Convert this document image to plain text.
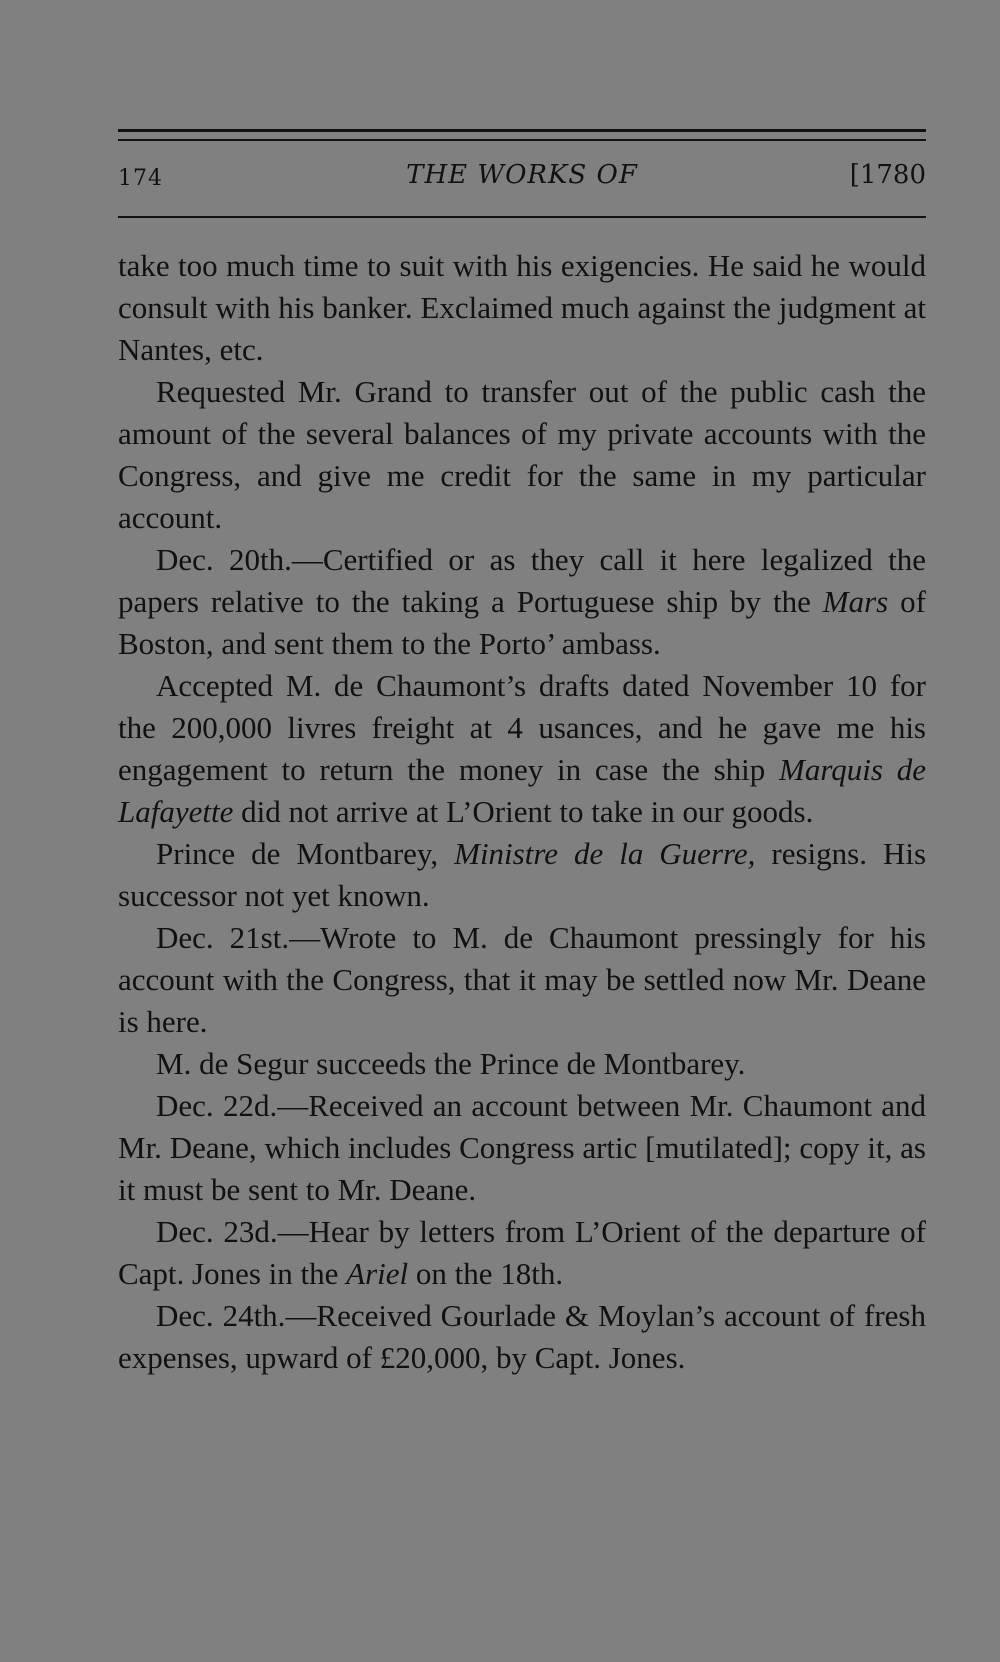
174	THE WORKS OF	[1780

take too much time to suit with his exigencies. He said he would consult with his banker. Exclaimed much against the judgment at Nantes, etc.

Requested Mr. Grand to transfer out of the public cash the amount of the several balances of my private accounts with the Congress, and give me credit for the same in my particular account.

Dec. 20th.—Certified or as they call it here legalized the papers relative to the taking a Portuguese ship by the Mars of Boston, and sent them to the Porto’ ambass.

Accepted M. de Chaumont’s drafts dated November 10 for the 200,000 livres freight at 4 usances, and he gave me his engagement to return the money in case the ship Marquis de Lafayette did not arrive at L’Orient to take in our goods.

Prince de Montbarey, Ministre de la Guerre, resigns. His successor not yet known.

Dec. 21st.—Wrote to M. de Chaumont pressingly for his account with the Congress, that it may be settled now Mr. Deane is here.

M. de Segur succeeds the Prince de Montbarey.

Dec. 22d.—Received an account between Mr. Chaumont and Mr. Deane, which includes Congress artic [mutilated]; copy it, as it must be sent to Mr. Deane.

Dec. 23d.—Hear by letters from L’Orient of the departure of Capt. Jones in the Ariel on the 18th.

Dec. 24th.—Received Gourlade & Moylan’s account of fresh expenses, upward of £20,000, by Capt. Jones.
